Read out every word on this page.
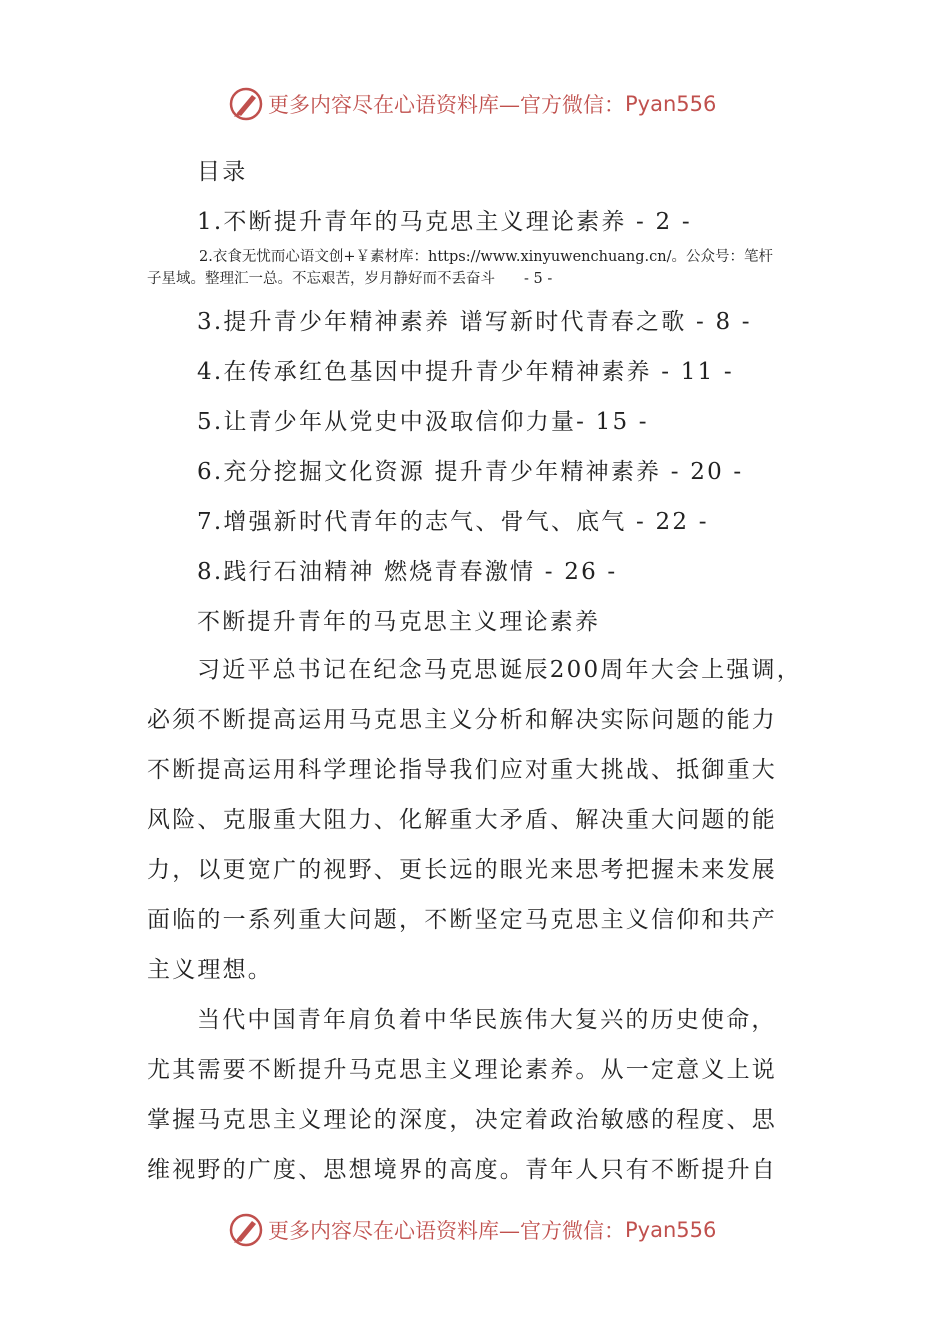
更多内容尽在心语资料库—官方微信： Pyan556
目录
1.不断提升青年的马克思主义理论素养 - 2 -
2.衣食无忧而心语文创+￥素材库：https://www.xinyuwenchuang.cn/。公众号：笔杆
子星域。整理汇一总。不忘艰苦，岁月静好而不丢奋斗　　- 5 -
3.提升青少年精神素养 谱写新时代青春之歌 - 8 -
4.在传承红色基因中提升青少年精神素养 - 11 -
5.让青少年从党史中汲取信仰力量- 15 -
6.充分挖掘文化资源 提升青少年精神素养 - 20 -
7.增强新时代青年的志气、骨气、底气 - 22 -
8.践行石油精神 燃烧青春激情 - 26 -
不断提升青年的马克思主义理论素养
习近平总书记在纪念马克思诞辰200周年大会上强调，
必须不断提高运用马克思主义分析和解决实际问题的能力
不断提高运用科学理论指导我们应对重大挑战、抵御重大
风险、克服重大阻力、化解重大矛盾、解决重大问题的能
力，以更宽广的视野、更长远的眼光来思考把握未来发展
面临的一系列重大问题，不断坚定马克思主义信仰和共产
主义理想。
当代中国青年肩负着中华民族伟大复兴的历史使命，
尤其需要不断提升马克思主义理论素养。从一定意义上说
掌握马克思主义理论的深度，决定着政治敏感的程度、思
维视野的广度、思想境界的高度。青年人只有不断提升自
更多内容尽在心语资料库—官方微信： Pyan556
